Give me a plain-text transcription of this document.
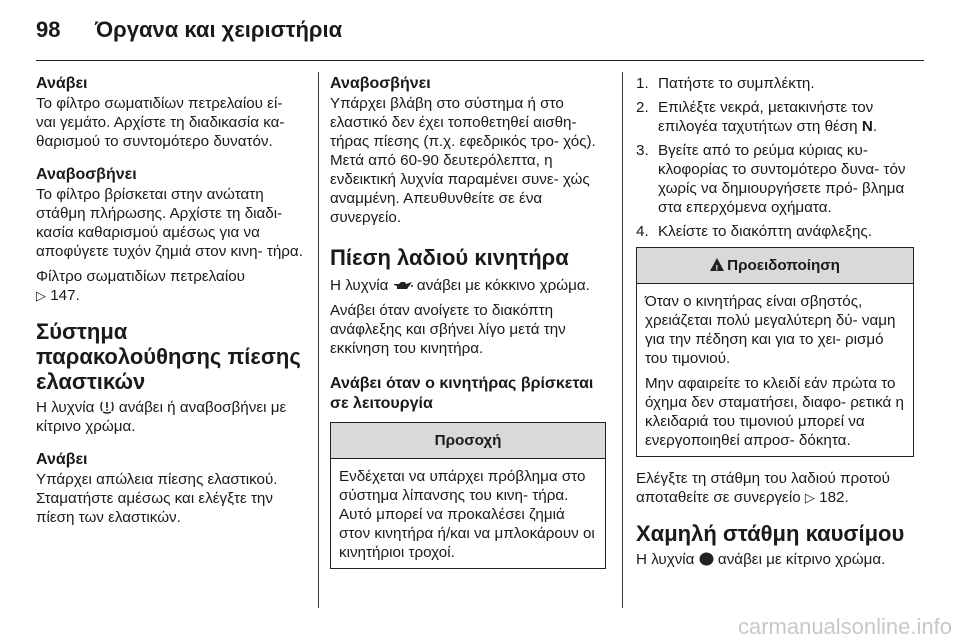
98 Όργανα και χειριστήρια
Ανάβει

Το φίλτρο σωματιδίων πετρελαίου εί- ναι γεμάτο. Αρχίστε τη διαδικασία κα- θαρισμού το συντομότερο δυνατόν.

Αναβοσβήνει

Το φίλτρο βρίσκεται στην ανώτατη στάθμη πλήρωσης. Αρχίστε τη διαδι- κασία καθαρισμού αμέσως για να αποφύγετε τυχόν ζημιά στον κινη- τήρα.

Φίλτρο σωματιδίων πετρελαίου
▷ 147.

Σύστημα παρακολούθησης πίεσης ελαστικών

Η λυχνία ανάβει ή αναβοσβήνει με κίτρινο χρώμα.

Ανάβει

Υπάρχει απώλεια πίεσης ελαστικού. Σταματήστε αμέσως και ελέγξτε την πίεση των ελαστικών.

Αναβοσβήνει

Υπάρχει βλάβη στο σύστημα ή στο ελαστικό δεν έχει τοποθετηθεί αισθη- τήρας πίεσης (π.χ. εφεδρικός τρο- χός). Μετά από 60-90 δευτερόλεπτα, η ενδεικτική λυχνία παραμένει συνε- χώς αναμμένη. Απευθυνθείτε σε ένα συνεργείο.

Πίεση λαδιού κινητήρα

Η λυχνία ανάβει με κόκκινο χρώμα.

Ανάβει όταν ανοίγετε το διακόπτη ανάφλεξης και σβήνει λίγο μετά την εκκίνηση του κινητήρα.

Ανάβει όταν ο κινητήρας βρίσκεται σε λειτουργία
Προσοχή
Ενδέχεται να υπάρχει πρόβλημα στο σύστημα λίπανσης του κινη- τήρα. Αυτό μπορεί να προκαλέσει ζημιά στον κινητήρα ή/και να μπλοκάρουν οι κινητήριοι τροχοί.
1. Πατήστε το συμπλέκτη.
2. Επιλέξτε νεκρά, μετακινήστε τον επιλογέα ταχυτήτων στη θέση N.
3. Βγείτε από το ρεύμα κύριας κυ- κλοφορίας το συντομότερο δυνα- τόν χωρίς να δημιουργήσετε πρό- βλημα στα επερχόμενα οχήματα.
4. Κλείστε το διακόπτη ανάφλεξης.
!Προειδοποίηση

Όταν ο κινητήρας είναι σβηστός, χρειάζεται πολύ μεγαλύτερη δύ- ναμη για την πέδηση και για το χει- ρισμό του τιμονιού.

Μην αφαιρείτε το κλειδί εάν πρώτα το όχημα δεν σταματήσει, διαφο- ρετικά η κλειδαριά του τιμονιού μπορεί να ενεργοποιηθεί απροσ- δόκητα.

Ελέγξτε τη στάθμη του λαδιού προτού αποταθείτε σε συνεργείο ▷ 182.

Χαμηλή στάθμη καυσίμου

Η λυχνία ανάβει με κίτρινο χρώμα.

carmanualsonline.info
